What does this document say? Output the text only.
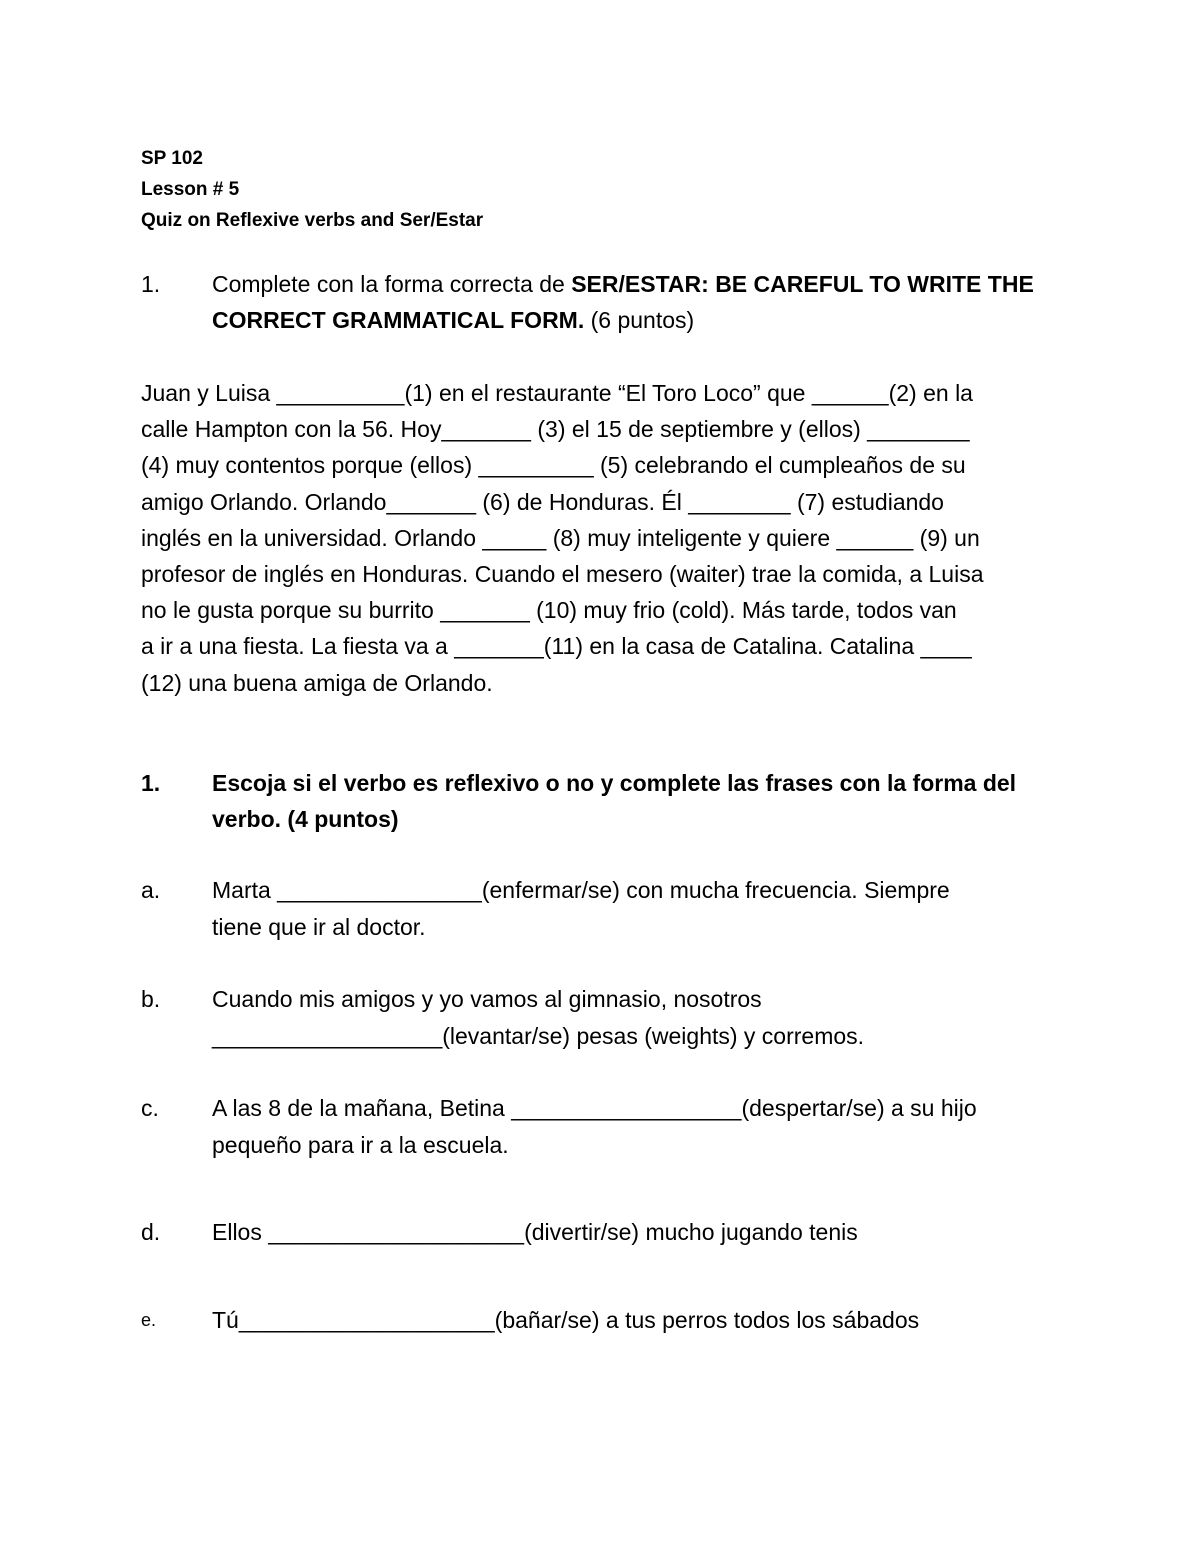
SP 102
Lesson # 5
Quiz on Reflexive verbs and Ser/Estar
1.	Complete con la forma correcta de SER/ESTAR: BE CAREFUL TO WRITE THE CORRECT GRAMMATICAL FORM. (6 puntos)
Juan y Luisa __________(1) en el restaurante “El Toro Loco” que ______(2) en la
calle Hampton con la 56. Hoy_______ (3) el 15 de septiembre y (ellos) ________
(4) muy contentos porque (ellos) _________ (5) celebrando el cumpleaños de su
amigo Orlando. Orlando_______ (6) de Honduras. Él ________ (7) estudiando
inglés en la universidad. Orlando _____ (8) muy inteligente y quiere ______ (9) un
profesor de inglés en Honduras. Cuando el mesero (waiter) trae la comida, a Luisa
no le gusta porque su burrito _______ (10) muy frio (cold). Más tarde, todos van
a ir a una fiesta. La fiesta va a _______(11) en la casa de Catalina. Catalina ____
(12) una buena amiga de Orlando.
1.	Escoja si el verbo es reflexivo o no y complete las frases con la forma del verbo. (4 puntos)
a.	Marta ________________(enfermar/se) con mucha frecuencia. Siempre
tiene que ir al doctor.
b.	Cuando mis amigos y yo vamos al gimnasio, nosotros
__________________(levantar/se) pesas (weights) y corremos.
c.	A las 8 de la mañana, Betina __________________(despertar/se) a su hijo
pequeño para ir a la escuela.
d.	Ellos ____________________(divertir/se) mucho jugando tenis
e.	Tú____________________(bañar/se) a tus perros todos los sábados
